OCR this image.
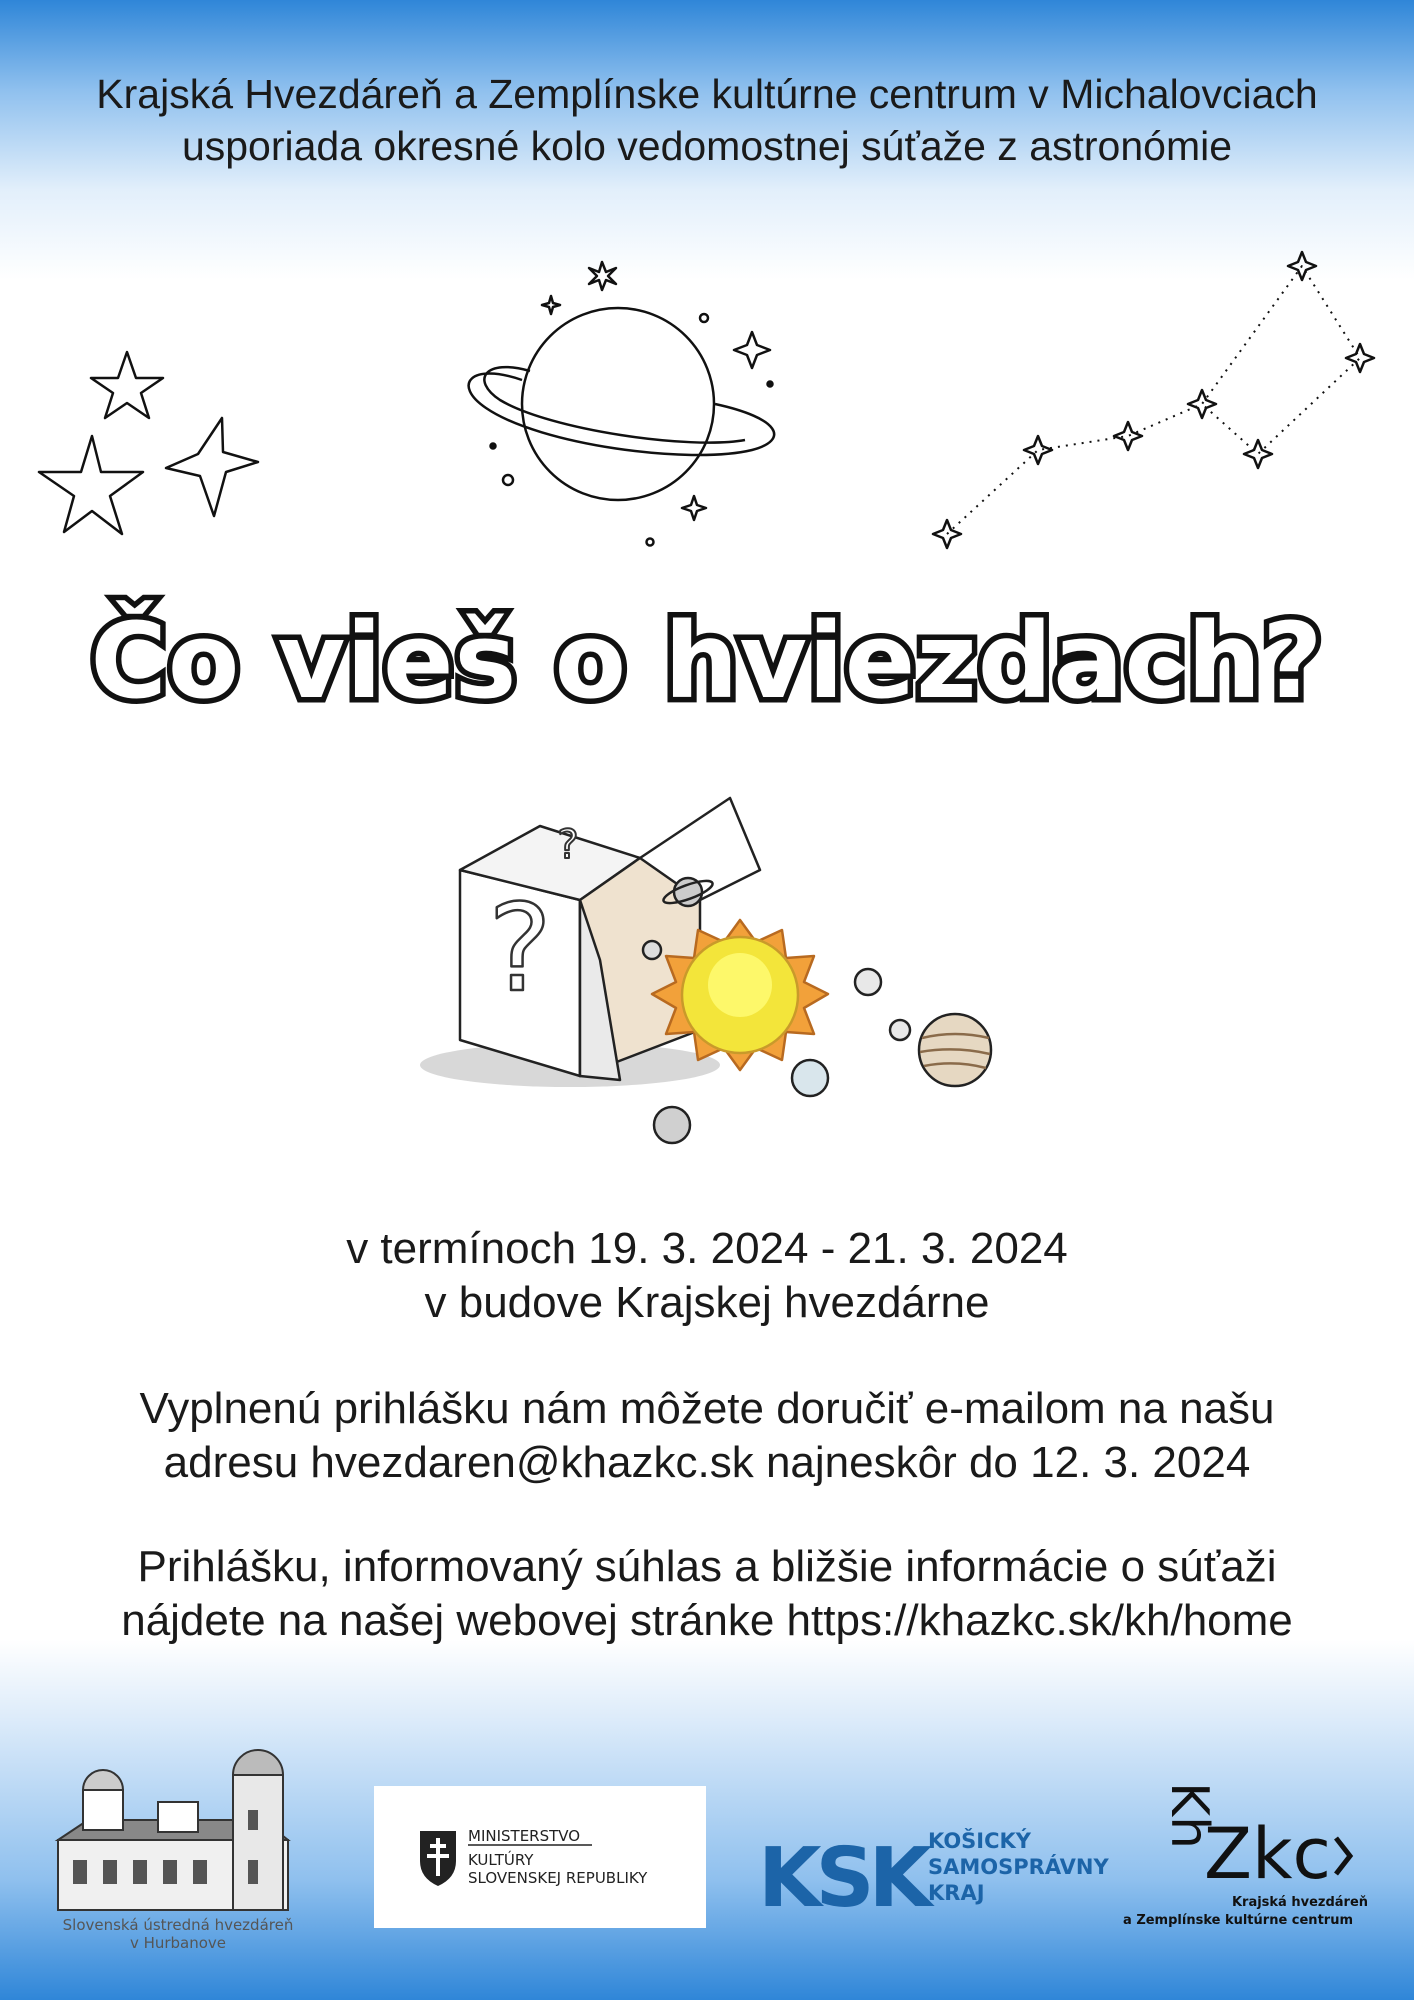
Krajská Hvezdáreň a Zemplínske kultúrne centrum v Michalovciach
usporiada okresné kolo vedomostnej súťaže z astronómie
Čo vieš o hviezdach?
?
?
v termínoch 19. 3. 2024 - 21. 3. 2024
v budove Krajskej hvezdárne
Vyplnenú prihlášku nám môžete doručiť e-mailom na našu
adresu hvezdaren@khazkc.sk najneskôr do 12. 3. 2024
Prihlášku, informovaný súhlas a bližšie informácie o súťaži
nájdete na našej webovej stránke https://khazkc.sk/kh/home
Slovenská ústredná hvezdáreň
v Hurbanove
MINISTERSTVO
KULTÚRY
SLOVENSKEJ REPUBLIKY KSK KOŠICKÝ
SAMOSPRÁVNY
KRAJ
Kh
Zkc
Krajská hvezdáreň
a Zemplínske kultúrne centrum
